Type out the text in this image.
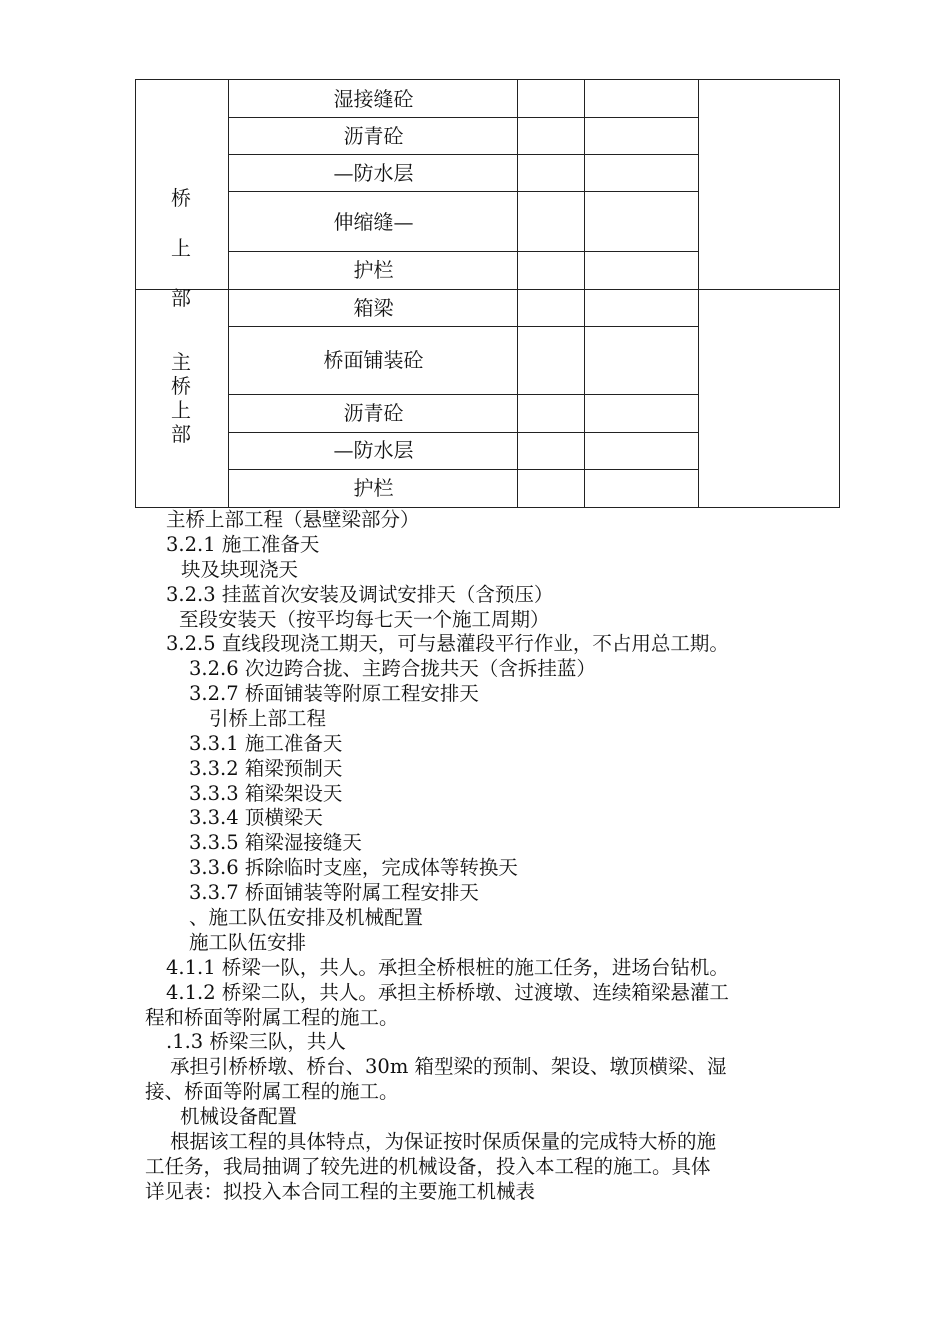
桥
上
部
主
桥
上
部
湿接缝砼
沥青砼
—防水层
伸缩缝—
护栏
箱梁
桥面铺装砼
沥青砼
—防水层
护栏
主桥上部工程（悬壁梁部分）
3.2.1 施工准备天
块及块现浇天
3.2.3 挂蓝首次安装及调试安排天（含预压）
至段安装天（按平均每七天一个施工周期）
3.2.5 直线段现浇工期天，可与悬灌段平行作业，不占用总工期。
3.2.6 次边跨合拢、主跨合拢共天（含拆挂蓝）
3.2.7 桥面铺装等附原工程安排天
引桥上部工程
3.3.1 施工准备天
3.3.2 箱梁预制天
3.3.3 箱梁架设天
3.3.4 顶横梁天
3.3.5 箱梁湿接缝天
3.3.6 拆除临时支座，完成体等转换天
3.3.7 桥面铺装等附属工程安排天
、施工队伍安排及机械配置
施工队伍安排
4.1.1 桥梁一队，共人。承担全桥根桩的施工任务，进场台钻机。
4.1.2 桥梁二队，共人。承担主桥桥墩、过渡墩、连续箱梁悬灌工
程和桥面等附属工程的施工。
.1.3 桥梁三队，共人
承担引桥桥墩、桥台、30m 箱型梁的预制、架设、墩顶横梁、湿
接、桥面等附属工程的施工。
机械设备配置
根据该工程的具体特点，为保证按时保质保量的完成特大桥的施
工任务，我局抽调了较先进的机械设备，投入本工程的施工。具体
详见表：拟投入本合同工程的主要施工机械表
